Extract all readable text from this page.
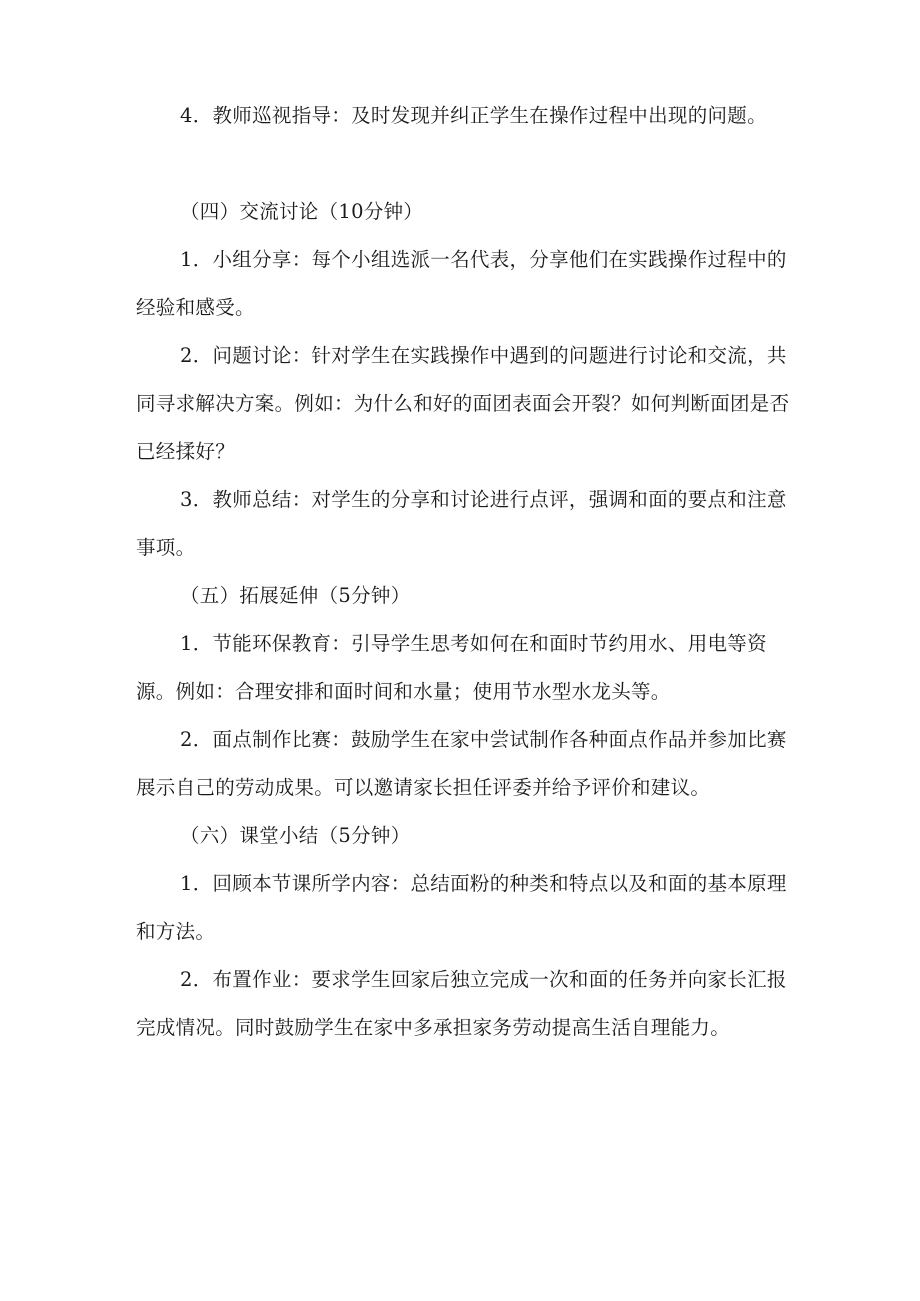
4．教师巡视指导：及时发现并纠正学生在操作过程中出现的问题。

（四）交流讨论（10分钟）

1．小组分享：每个小组选派一名代表，分享他们在实践操作过程中的经验和感受。

2．问题讨论：针对学生在实践操作中遇到的问题进行讨论和交流，共同寻求解决方案。例如：为什么和好的面团表面会开裂？如何判断面团是否已经揉好？

3．教师总结：对学生的分享和讨论进行点评，强调和面的要点和注意事项。

（五）拓展延伸（5分钟）

1．节能环保教育：引导学生思考如何在和面时节约用水、用电等资源。例如：合理安排和面时间和水量；使用节水型水龙头等。

2．面点制作比赛：鼓励学生在家中尝试制作各种面点作品并参加比赛展示自己的劳动成果。可以邀请家长担任评委并给予评价和建议。

（六）课堂小结（5分钟）

1．回顾本节课所学内容：总结面粉的种类和特点以及和面的基本原理和方法。

2．布置作业：要求学生回家后独立完成一次和面的任务并向家长汇报完成情况。同时鼓励学生在家中多承担家务劳动提高生活自理能力。
